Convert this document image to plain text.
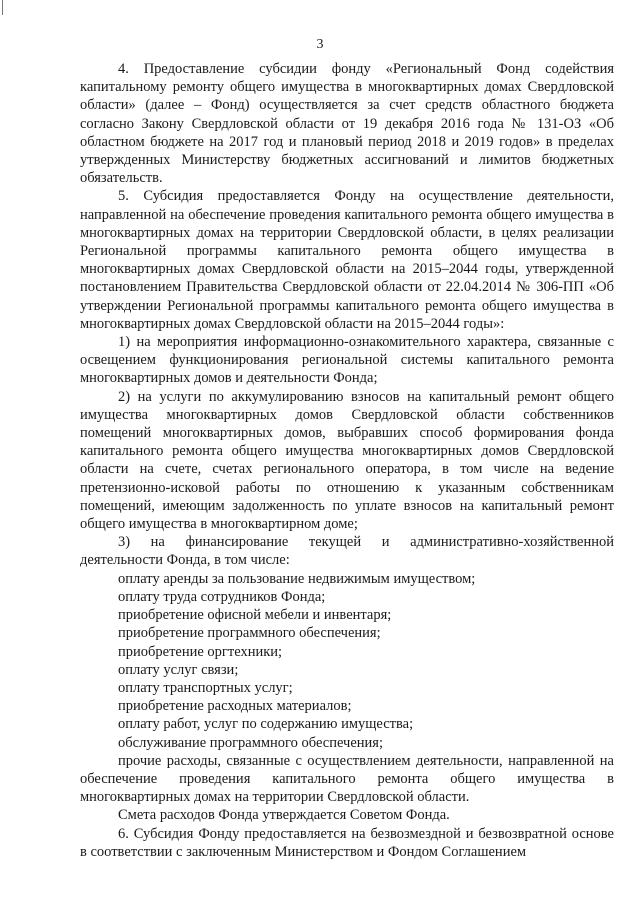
3

4. Предоставление субсидии фонду «Региональный Фонд содействия капитальному ремонту общего имущества в многоквартирных домах Свердловской области» (далее – Фонд) осуществляется за счет средств областного бюджета согласно Закону Свердловской области от 19 декабря 2016 года № 131-ОЗ «Об областном бюджете на 2017 год и плановый период 2018 и 2019 годов» в пределах утвержденных Министерству бюджетных ассигнований и лимитов бюджетных обязательств.

5. Субсидия предоставляется Фонду на осуществление деятельности, направленной на обеспечение проведения капитального ремонта общего имущества в многоквартирных домах на территории Свердловской области, в целях реализации Региональной программы капитального ремонта общего имущества в многоквартирных домах Свердловской области на 2015–2044 годы, утвержденной постановлением Правительства Свердловской области от 22.04.2014 № 306-ПП «Об утверждении Региональной программы капитального ремонта общего имущества в многоквартирных домах Свердловской области на 2015–2044 годы»:

1) на мероприятия информационно-ознакомительного характера, связанные с освещением функционирования региональной системы капитального ремонта многоквартирных домов и деятельности Фонда;

2) на услуги по аккумулированию взносов на капитальный ремонт общего имущества многоквартирных домов Свердловской области собственников помещений многоквартирных домов, выбравших способ формирования фонда капитального ремонта общего имущества многоквартирных домов Свердловской области на счете, счетах регионального оператора, в том числе на ведение претензионно-исковой работы по отношению к указанным собственникам помещений, имеющим задолженность по уплате взносов на капитальный ремонт общего имущества в многоквартирном доме;

3) на финансирование текущей и административно-хозяйственной деятельности Фонда, в том числе:

оплату аренды за пользование недвижимым имуществом;

оплату труда сотрудников Фонда;

приобретение офисной мебели и инвентаря;

приобретение программного обеспечения;

приобретение оргтехники;

оплату услуг связи;

оплату транспортных услуг;

приобретение расходных материалов;

оплату работ, услуг по содержанию имущества;

обслуживание программного обеспечения;

прочие расходы, связанные с осуществлением деятельности, направленной на обеспечение проведения капитального ремонта общего имущества в многоквартирных домах на территории Свердловской области.

Смета расходов Фонда утверждается Советом Фонда.

6. Субсидия Фонду предоставляется на безвозмездной и безвозвратной основе в соответствии с заключенным Министерством и Фондом Соглашением
